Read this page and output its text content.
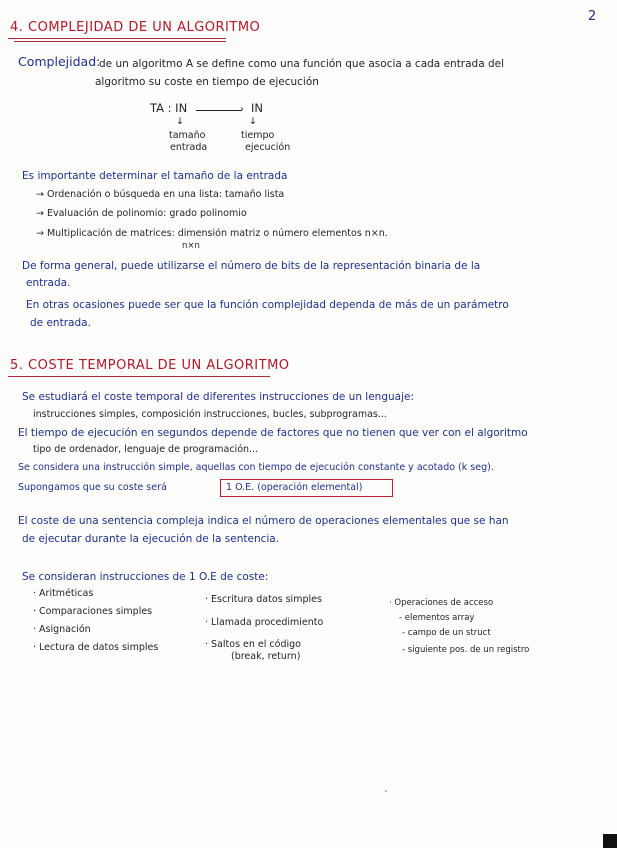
2
4. COMPLEJIDAD DE UN ALGORITMO
Complejidad:
de un algoritmo A se define como una función que asocia a cada entrada del
algoritmo su coste en tiempo de ejecución
TA : IN	› IN
↓	↓
tamaño
entrada
tiempo
ejecución
Es importante determinar el tamaño de la entrada
→ Ordenación o búsqueda en una lista: tamaño lista
→ Evaluación de polinomio: grado polinomio
→ Multiplicación de matrices: dimensión matriz o número elementos n×n.
n×n
De forma general, puede utilizarse el número de bits de la representación binaria de la
entrada.
En otras ocasiones puede ser que la función complejidad dependa de más de un parámetro
de entrada.
5. COSTE TEMPORAL DE UN ALGORITMO
Se estudiará el coste temporal de diferentes instrucciones de un lenguaje:
instrucciones simples, composición instrucciones, bucles, subprogramas...
El tiempo de ejecución en segundos depende de factores que no tienen que ver con el algoritmo
tipo de ordenador, lenguaje de programación...
Se considera una instrucción simple, aquellas con tiempo de ejecución constante y acotado (k seg).
Supongamos que su coste será	1 O.E. (operación elemental)
El coste de una sentencia compleja indica el número de operaciones elementales que se han
de ejecutar durante la ejecución de la sentencia.
Se consideran instrucciones de 1 O.E de coste:
· Aritméticas
· Comparaciones simples
· Asignación
· Lectura de datos simples
· Escritura datos simples
· Llamada procedimiento
· Saltos en el código
(break, return)
· Operaciones de acceso
- elementos array
- campo de un struct
- siguiente pos. de un registro
